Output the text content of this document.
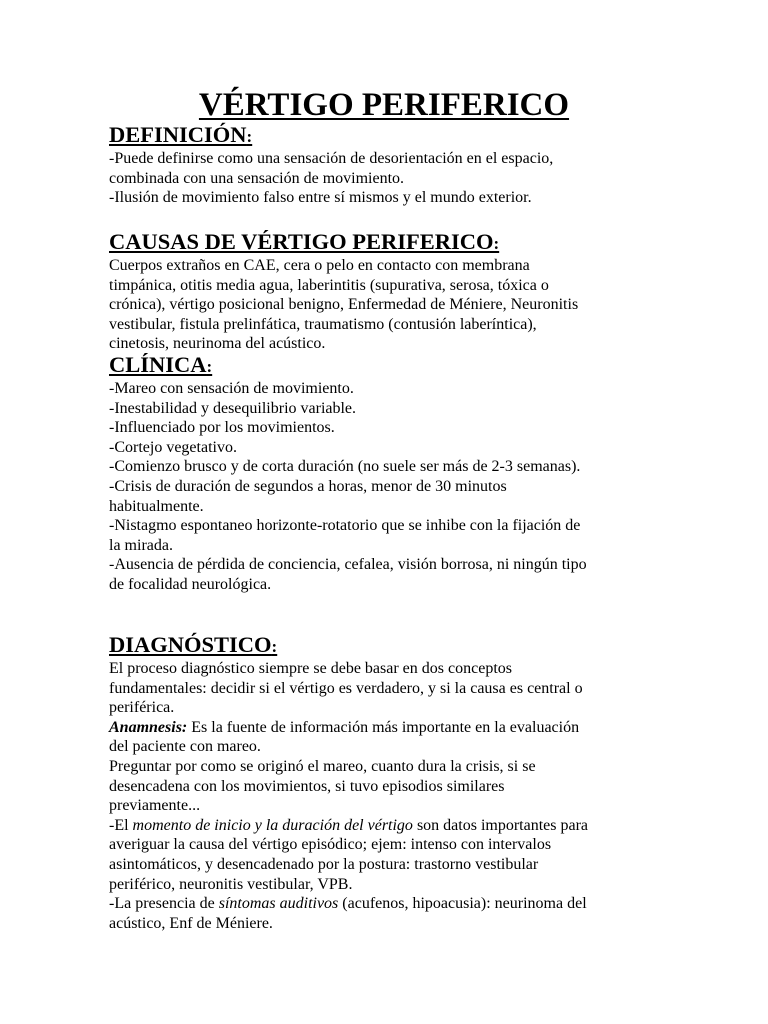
VÉRTIGO PERIFERICO
DEFINICIÓN:

-Puede definirse como una sensación de desorientación en el espacio,

combinada con una sensación de movimiento.

-Ilusión de movimiento falso entre sí mismos y el mundo exterior.

CAUSAS DE VÉRTIGO PERIFERICO:

Cuerpos extraños en CAE, cera o pelo en contacto con membrana

timpánica, otitis media agua, laberintitis (supurativa, serosa, tóxica o

crónica), vértigo posicional benigno, Enfermedad de Méniere, Neuronitis

vestibular, fistula prelinfática, traumatismo (contusión laberíntica),

cinetosis, neurinoma del acústico.

CLÍNICA:

-Mareo con sensación de movimiento.

-Inestabilidad y desequilibrio variable.

-Influenciado por los movimientos.

-Cortejo vegetativo.

-Comienzo brusco y de corta duración (no suele ser más de 2-3 semanas).

-Crisis de duración de segundos a horas, menor de 30 minutos

habitualmente.

-Nistagmo espontaneo horizonte-rotatorio que se inhibe con la fijación de

la mirada.

-Ausencia de pérdida de conciencia, cefalea, visión borrosa, ni ningún tipo

de focalidad neurológica.

DIAGNÓSTICO:

El proceso diagnóstico siempre se debe basar en dos conceptos

fundamentales: decidir si el vértigo es verdadero, y si la causa es central o

periférica.

Anamnesis: Es la fuente de información más importante en la evaluación

del paciente con mareo.

Preguntar por como se originó el mareo, cuanto dura la crisis, si se

desencadena con los movimientos, si tuvo episodios similares

previamente...

-El momento de inicio y la duración del vértigo son datos importantes para

averiguar la causa del vértigo episódico; ejem: intenso con intervalos

asintomáticos, y desencadenado por la postura: trastorno vestibular

periférico, neuronitis vestibular, VPB.

-La presencia de síntomas auditivos (acufenos, hipoacusia): neurinoma del

acústico, Enf de Méniere.
